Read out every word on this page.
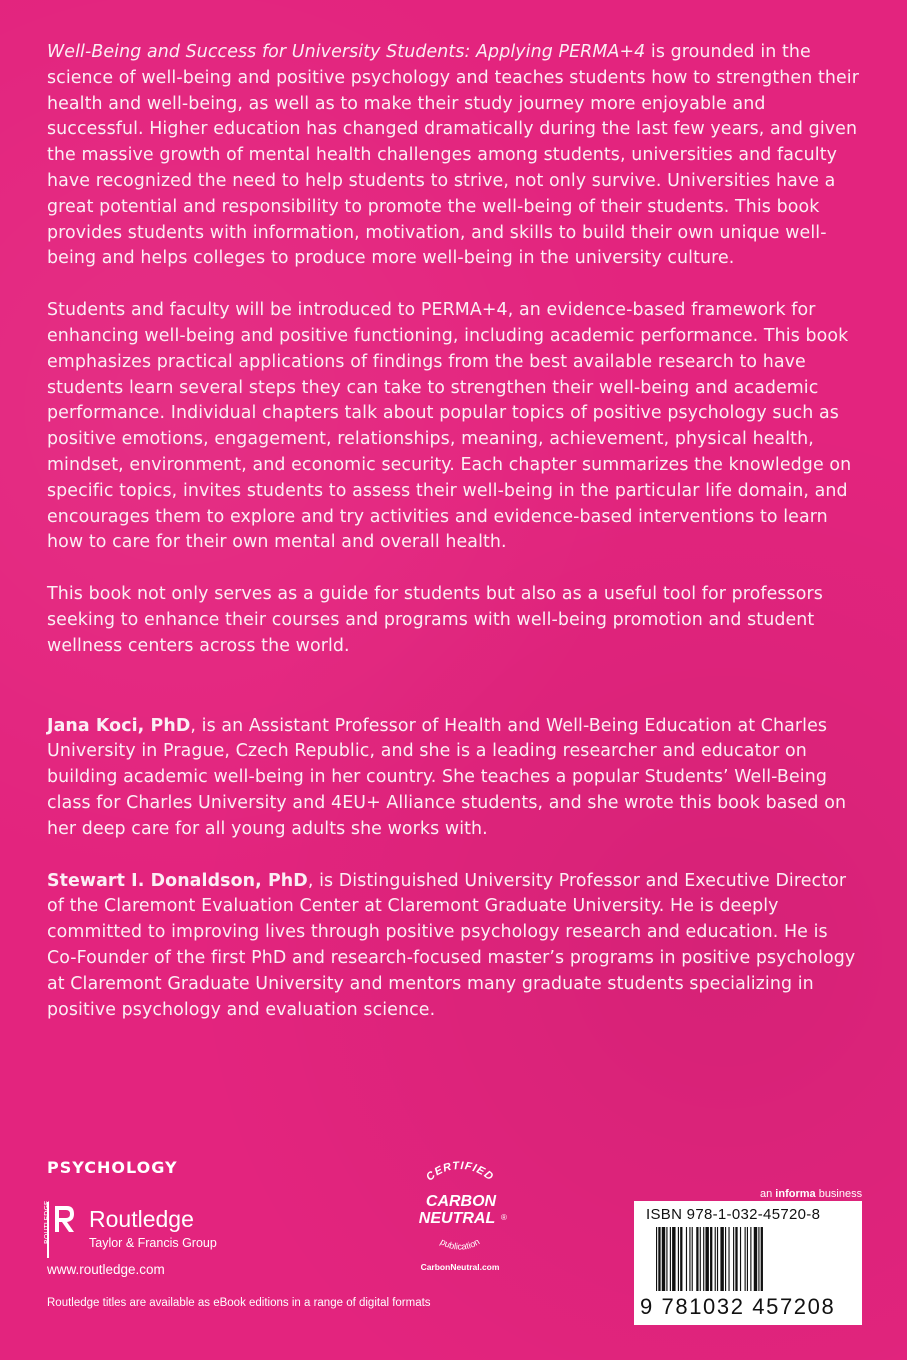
Well-Being and Success for University Students: Applying PERMA+4 is grounded in the science of well-being and positive psychology and teaches students how to strengthen their health and well-being, as well as to make their study journey more enjoyable and successful. Higher education has changed dramatically during the last few years, and given the massive growth of mental health challenges among students, universities and faculty have recognized the need to help students to strive, not only survive. Universities have a great potential and responsibility to promote the well-being of their students. This book provides students with information, motivation, and skills to build their own unique well-being and helps colleges to produce more well-being in the university culture.

Students and faculty will be introduced to PERMA+4, an evidence-based framework for enhancing well-being and positive functioning, including academic performance. This book emphasizes practical applications of findings from the best available research to have students learn several steps they can take to strengthen their well-being and academic performance. Individual chapters talk about popular topics of positive psychology such as positive emotions, engagement, relationships, meaning, achievement, physical health, mindset, environment, and economic security. Each chapter summarizes the knowledge on specific topics, invites students to assess their well-being in the particular life domain, and encourages them to explore and try activities and evidence-based interventions to learn how to care for their own mental and overall health.

This book not only serves as a guide for students but also as a useful tool for professors seeking to enhance their courses and programs with well-being promotion and student wellness centers across the world.

Jana Koci, PhD, is an Assistant Professor of Health and Well-Being Education at Charles University in Prague, Czech Republic, and she is a leading researcher and educator on building academic well-being in her country. She teaches a popular Students’ Well-Being class for Charles University and 4EU+ Alliance students, and she wrote this book based on her deep care for all young adults she works with.

Stewart I. Donaldson, PhD, is Distinguished University Professor and Executive Director of the Claremont Evaluation Center at Claremont Graduate University. He is deeply committed to improving lives through positive psychology research and education. He is Co-Founder of the first PhD and research-focused master’s programs in positive psychology at Claremont Graduate University and mentors many graduate students specializing in positive psychology and evaluation science.

PSYCHOLOGY
ROUTLEDGE Routledge
Taylor & Francis Group
www.routledge.com
Routledge titles are available as eBook editions in a range of digital formats
CERTIFIED
CARBON
NEUTRAL ®
publication
CarbonNeutral.com
an informa business
ISBN 978-1-032-45720-8
9 781032 457208
